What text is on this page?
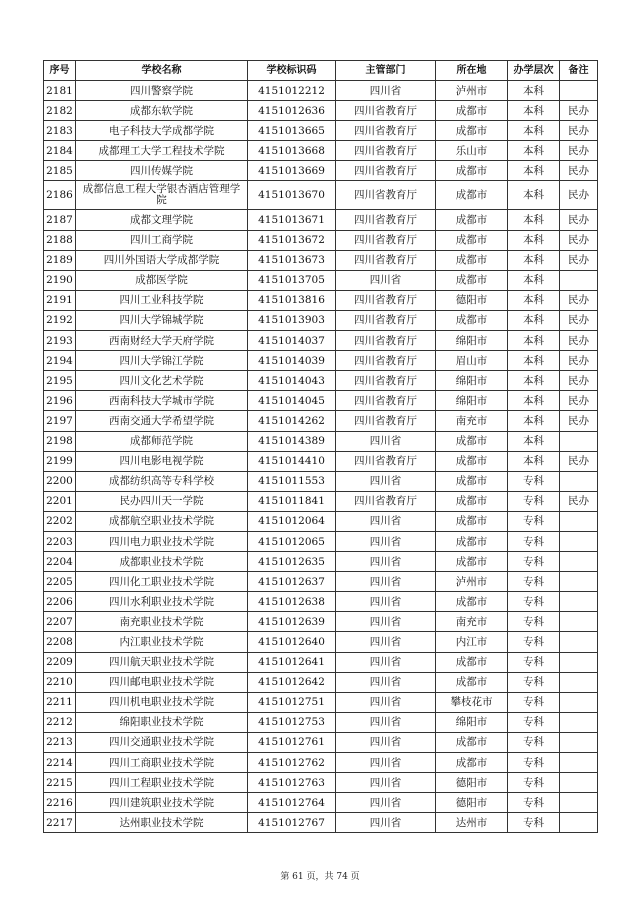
序号	学校名称	学校标识码	主管部门	所在地	办学层次	备注
2181	四川警察学院	4151012212	四川省	泸州市	本科	
2182	成都东软学院	4151012636	四川省教育厅	成都市	本科	民办
2183	电子科技大学成都学院	4151013665	四川省教育厅	成都市	本科	民办
2184	成都理工大学工程技术学院	4151013668	四川省教育厅	乐山市	本科	民办
2185	四川传媒学院	4151013669	四川省教育厅	成都市	本科	民办
2186	成都信息工程大学银杏酒店管理学院	4151013670	四川省教育厅	成都市	本科	民办
2187	成都文理学院	4151013671	四川省教育厅	成都市	本科	民办
2188	四川工商学院	4151013672	四川省教育厅	成都市	本科	民办
2189	四川外国语大学成都学院	4151013673	四川省教育厅	成都市	本科	民办
2190	成都医学院	4151013705	四川省	成都市	本科	
2191	四川工业科技学院	4151013816	四川省教育厅	德阳市	本科	民办
2192	四川大学锦城学院	4151013903	四川省教育厅	成都市	本科	民办
2193	西南财经大学天府学院	4151014037	四川省教育厅	绵阳市	本科	民办
2194	四川大学锦江学院	4151014039	四川省教育厅	眉山市	本科	民办
2195	四川文化艺术学院	4151014043	四川省教育厅	绵阳市	本科	民办
2196	西南科技大学城市学院	4151014045	四川省教育厅	绵阳市	本科	民办
2197	西南交通大学希望学院	4151014262	四川省教育厅	南充市	本科	民办
2198	成都师范学院	4151014389	四川省	成都市	本科	
2199	四川电影电视学院	4151014410	四川省教育厅	成都市	本科	民办
2200	成都纺织高等专科学校	4151011553	四川省	成都市	专科	
2201	民办四川天一学院	4151011841	四川省教育厅	成都市	专科	民办
2202	成都航空职业技术学院	4151012064	四川省	成都市	专科	
2203	四川电力职业技术学院	4151012065	四川省	成都市	专科	
2204	成都职业技术学院	4151012635	四川省	成都市	专科	
2205	四川化工职业技术学院	4151012637	四川省	泸州市	专科	
2206	四川水利职业技术学院	4151012638	四川省	成都市	专科	
2207	南充职业技术学院	4151012639	四川省	南充市	专科	
2208	内江职业技术学院	4151012640	四川省	内江市	专科	
2209	四川航天职业技术学院	4151012641	四川省	成都市	专科	
2210	四川邮电职业技术学院	4151012642	四川省	成都市	专科	
2211	四川机电职业技术学院	4151012751	四川省	攀枝花市	专科	
2212	绵阳职业技术学院	4151012753	四川省	绵阳市	专科	
2213	四川交通职业技术学院	4151012761	四川省	成都市	专科	
2214	四川工商职业技术学院	4151012762	四川省	成都市	专科	
2215	四川工程职业技术学院	4151012763	四川省	德阳市	专科	
2216	四川建筑职业技术学院	4151012764	四川省	德阳市	专科	
2217	达州职业技术学院	4151012767	四川省	达州市	专科	
第 61 页，共 74 页
